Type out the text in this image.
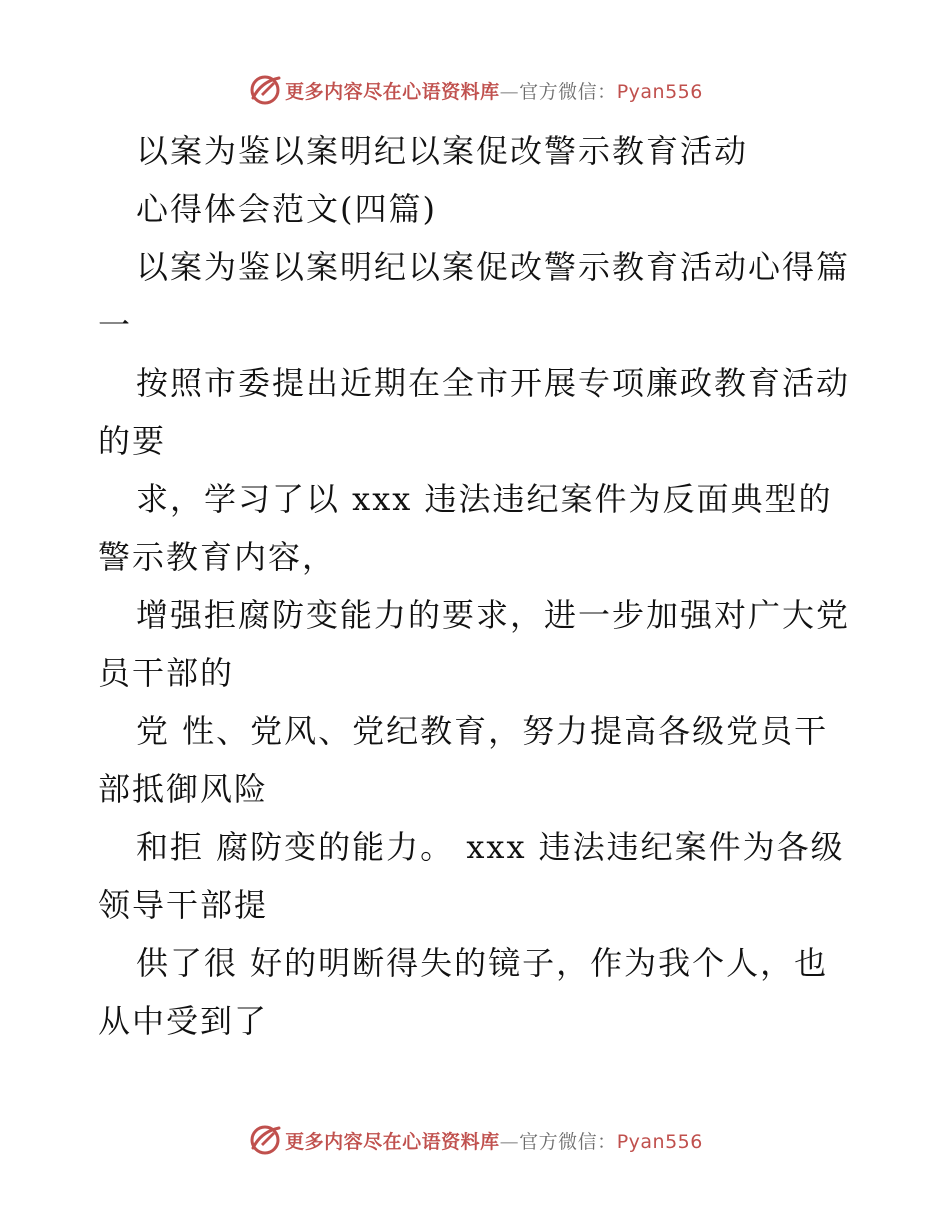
更多内容尽在心语资料库—官方微信：Pyan556
以案为鉴以案明纪以案促改警示教育活动
心得体会范文(四篇)
以案为鉴以案明纪以案促改警示教育活动心得篇
一
按照市委提出近期在全市开展专项廉政教育活动
的要
求，学习了以 xxx 违法违纪案件为反面典型的
警示教育内容，
增强拒腐防变能力的要求，进一步加强对广大党
员干部的
党 性、党风、党纪教育，努力提高各级党员干
部抵御风险
和拒 腐防变的能力。 xxx 违法违纪案件为各级
领导干部提
供了很 好的明断得失的镜子，作为我个人，也
从中受到了
更多内容尽在心语资料库—官方微信：Pyan556
